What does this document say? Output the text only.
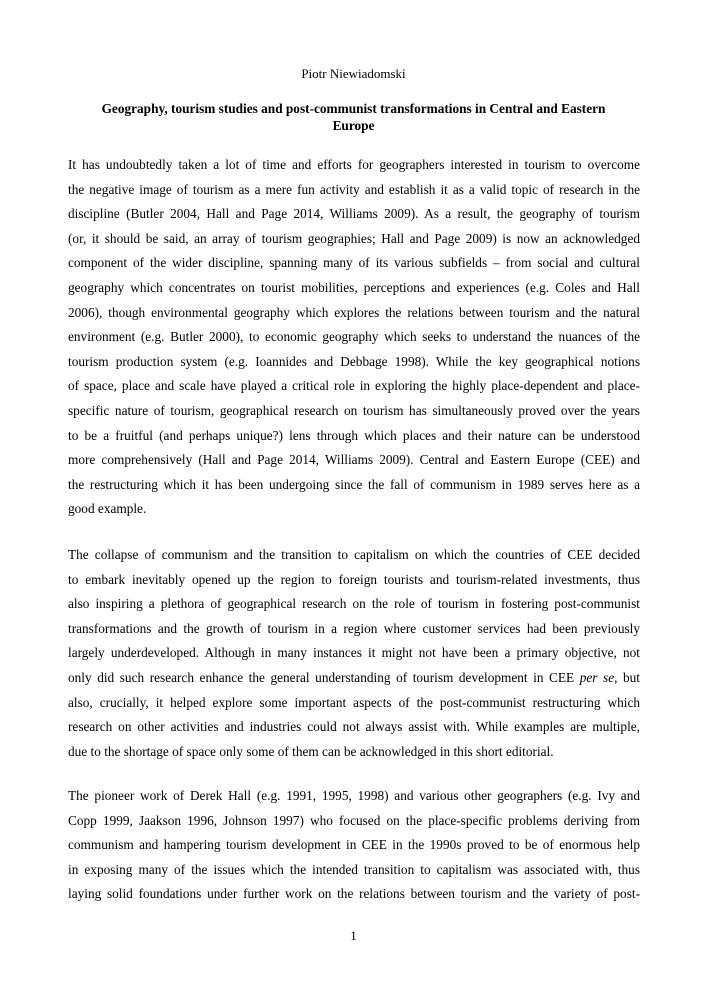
Piotr Niewiadomski
Geography, tourism studies and post-communist transformations in Central and Eastern
Europe

It has undoubtedly taken a lot of time and efforts for geographers interested in tourism to overcome
the negative image of tourism as a mere fun activity and establish it as a valid topic of research in the
discipline (Butler 2004, Hall and Page 2014, Williams 2009). As a result, the geography of tourism
(or, it should be said, an array of tourism geographies; Hall and Page 2009) is now an acknowledged
component of the wider discipline, spanning many of its various subfields – from social and cultural
geography which concentrates on tourist mobilities, perceptions and experiences (e.g. Coles and Hall
2006), though environmental geography which explores the relations between tourism and the natural
environment (e.g. Butler 2000), to economic geography which seeks to understand the nuances of the
tourism production system (e.g. Ioannides and Debbage 1998). While the key geographical notions
of space, place and scale have played a critical role in exploring the highly place-dependent and place-
specific nature of tourism, geographical research on tourism has simultaneously proved over the years
to be a fruitful (and perhaps unique?) lens through which places and their nature can be understood
more comprehensively (Hall and Page 2014, Williams 2009). Central and Eastern Europe (CEE) and
the restructuring which it has been undergoing since the fall of communism in 1989 serves here as a
good example.

The collapse of communism and the transition to capitalism on which the countries of CEE decided
to embark inevitably opened up the region to foreign tourists and tourism-related investments, thus
also inspiring a plethora of geographical research on the role of tourism in fostering post-communist
transformations and the growth of tourism in a region where customer services had been previously
largely underdeveloped. Although in many instances it might not have been a primary objective, not
only did such research enhance the general understanding of tourism development in CEE per se, but
also, crucially, it helped explore some important aspects of the post-communist restructuring which
research on other activities and industries could not always assist with. While examples are multiple,
due to the shortage of space only some of them can be acknowledged in this short editorial.

The pioneer work of Derek Hall (e.g. 1991, 1995, 1998) and various other geographers (e.g. Ivy and
Copp 1999, Jaakson 1996, Johnson 1997) who focused on the place-specific problems deriving from
communism and hampering tourism development in CEE in the 1990s proved to be of enormous help
in exposing many of the issues which the intended transition to capitalism was associated with, thus
laying solid foundations under further work on the relations between tourism and the variety of post-

1
